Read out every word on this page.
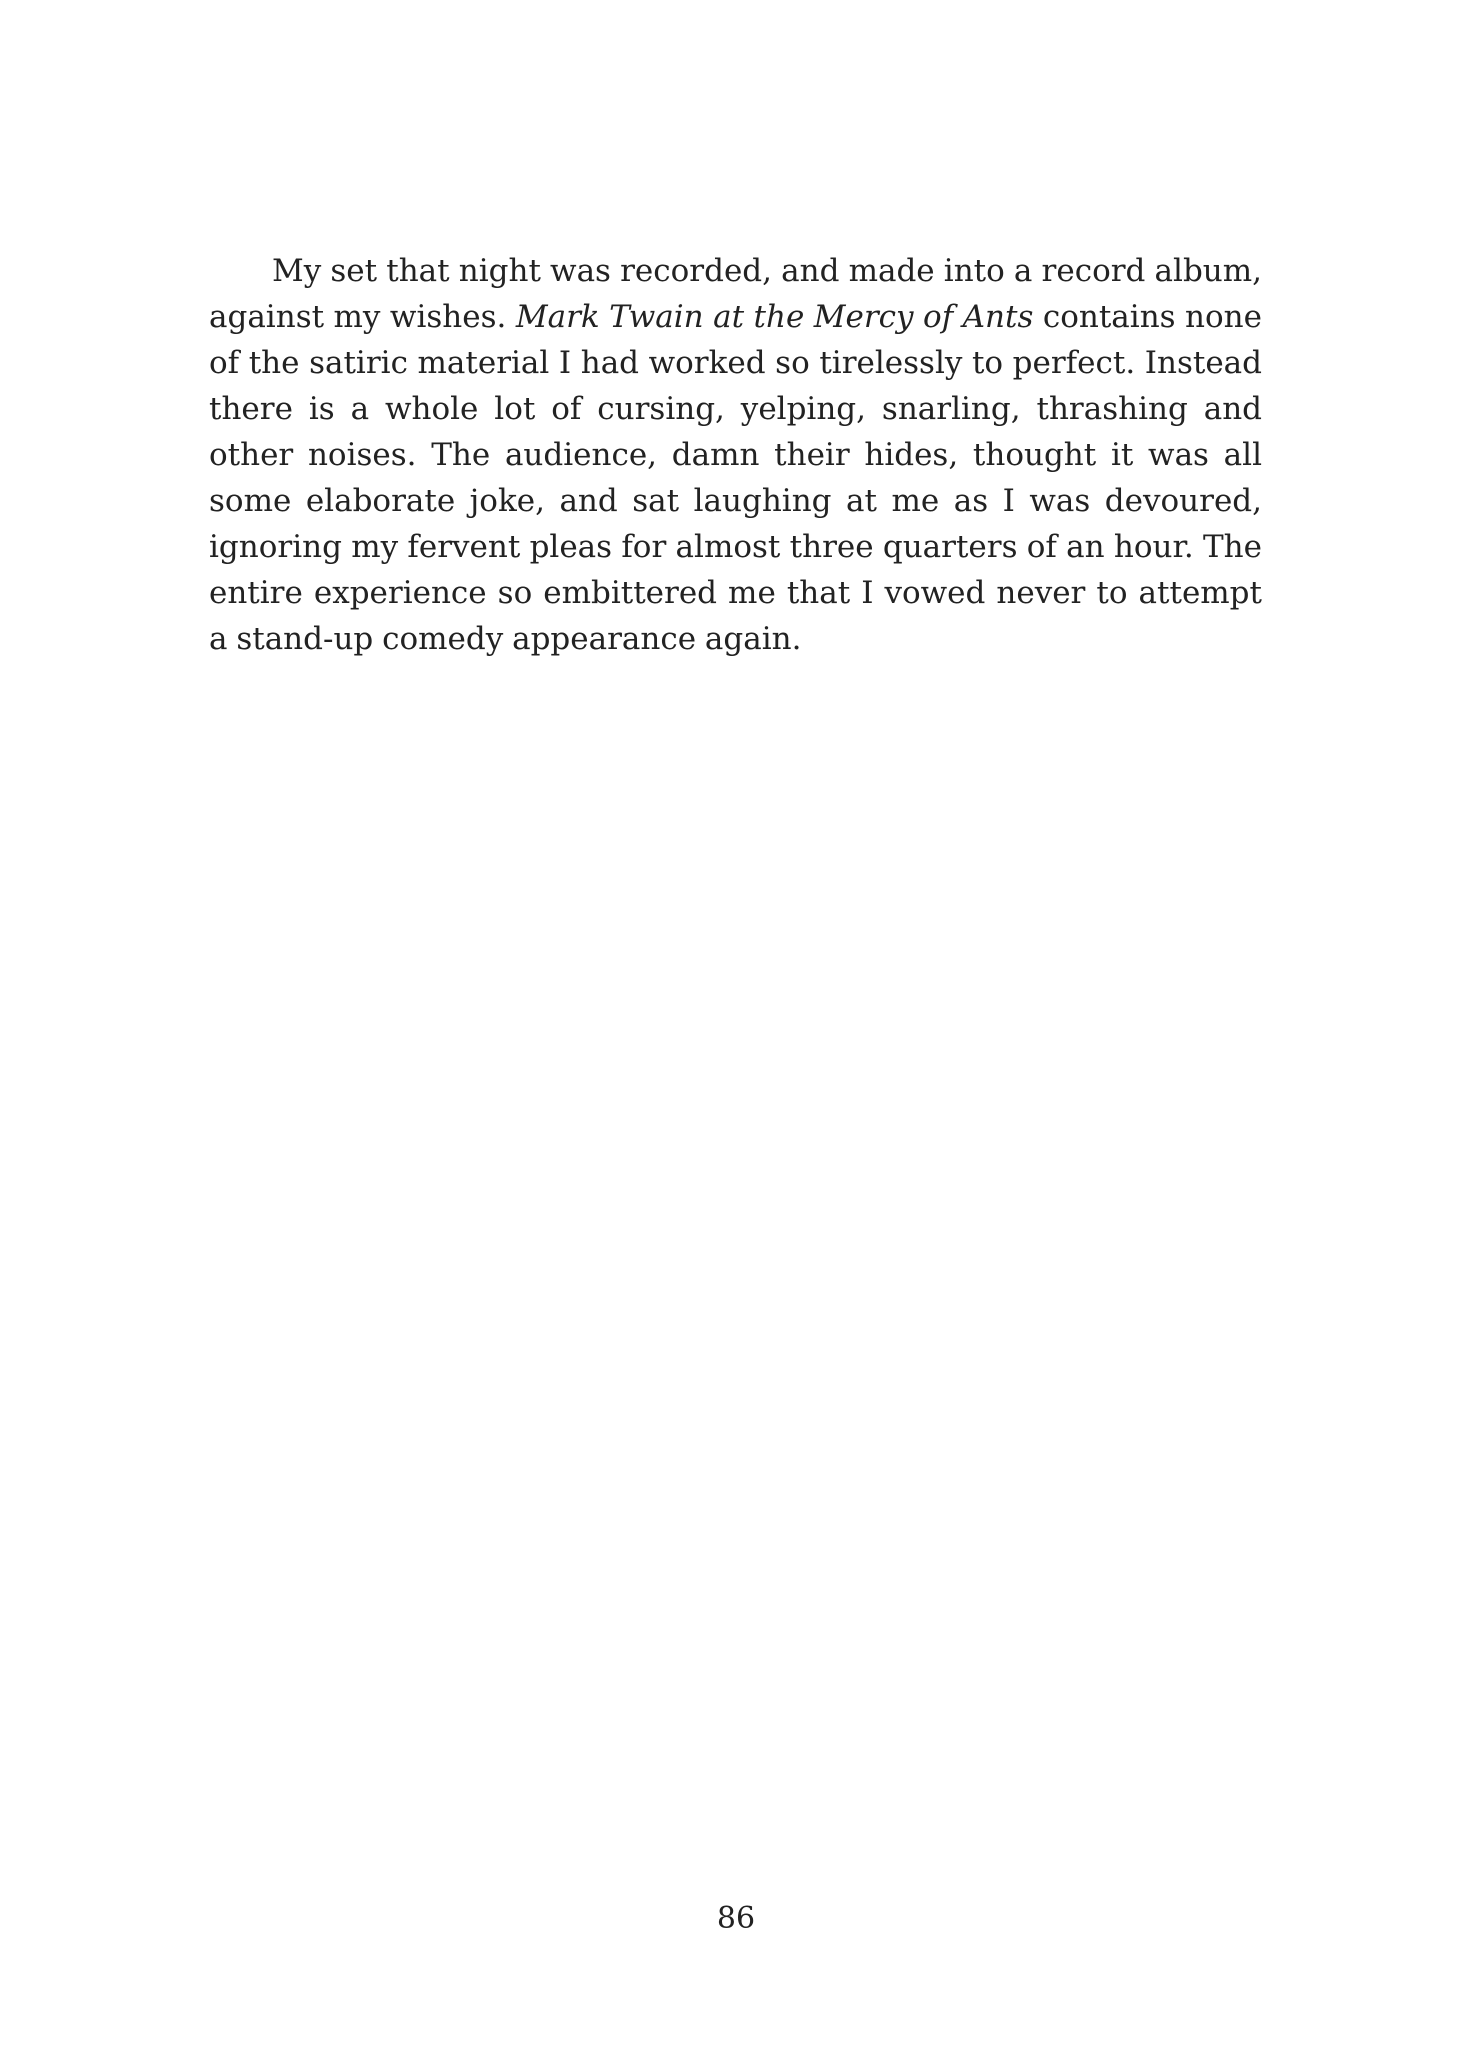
My set that night was recorded, and made into a record album, against my wishes. Mark Twain at the Mercy of Ants contains none of the satiric material I had worked so tirelessly to perfect. Instead there is a whole lot of cursing, yelping, snarling, thrashing and other noises. The audience, damn their hides, thought it was all some elaborate joke, and sat laughing at me as I was devoured, ignoring my fervent pleas for almost three quarters of an hour. The entire experience so embittered me that I vowed never to attempt a stand-up comedy appearance again.

86
